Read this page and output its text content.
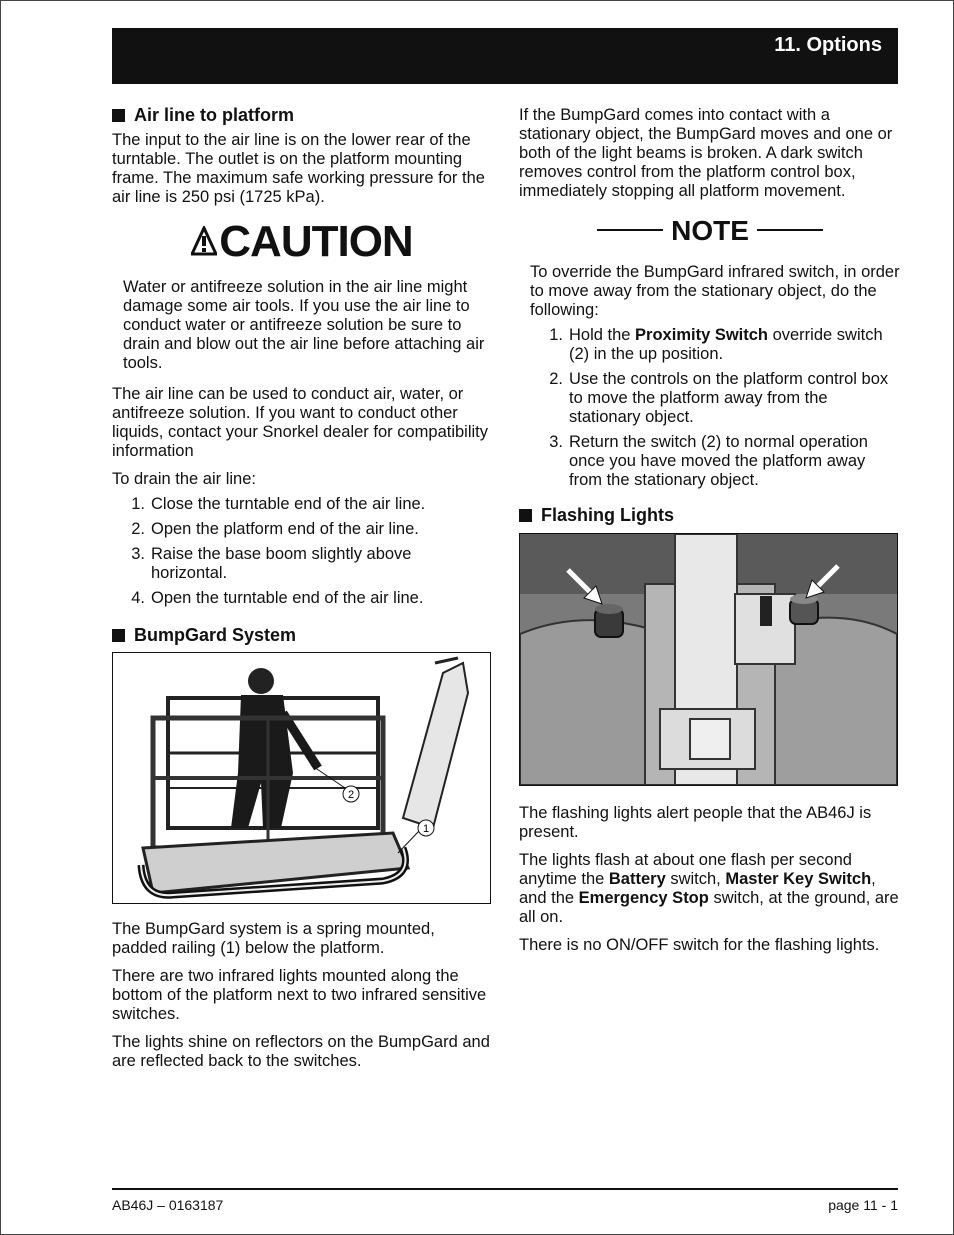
11. Options
Air line to platform

The input to the air line is on the lower rear of the turntable. The outlet is on the platform mounting frame. The maximum safe working pressure for the air line is 250 psi (1725 kPa).

CAUTION
Water or antifreeze solution in the air line might damage some air tools. If you use the air line to conduct water or antifreeze solution be sure to drain and blow out the air line before attaching air tools.

The air line can be used to conduct air, water, or antifreeze solution. If you want to conduct other liquids, contact your Snorkel dealer for compatibility information

To drain the air line:

1. Close the turntable end of the air line.
2. Open the platform end of the air line.
3. Raise the base boom slightly above horizontal.
4. Open the turntable end of the air line.
BumpGard System
2
1

The BumpGard system is a spring mounted, padded railing (1) below the platform.

There are two infrared lights mounted along the bottom of the platform next to two infrared sensitive switches.

The lights shine on reflectors on the BumpGard and are reflected back to the switches.

If the BumpGard comes into contact with a stationary object, the BumpGard moves and one or both of the light beams is broken. A dark switch removes control from the platform control box, immediately stopping all platform movement.

NOTE

To override the BumpGard infrared switch, in order to move away from the stationary object, do the following:

1. Hold the Proximity Switch override switch (2) in the up position.
2. Use the controls on the platform control box to move the platform away from the stationary object.
3. Return the switch (2) to normal operation once you have moved the platform away from the stationary object.
Flashing Lights

The flashing lights alert people that the AB46J is present.

The lights flash at about one flash per second anytime the Battery switch, Master Key Switch, and the Emergency Stop switch, at the ground, are all on.

There is no ON/OFF switch for the flashing lights.

AB46J – 0163187	page 11 - 1
